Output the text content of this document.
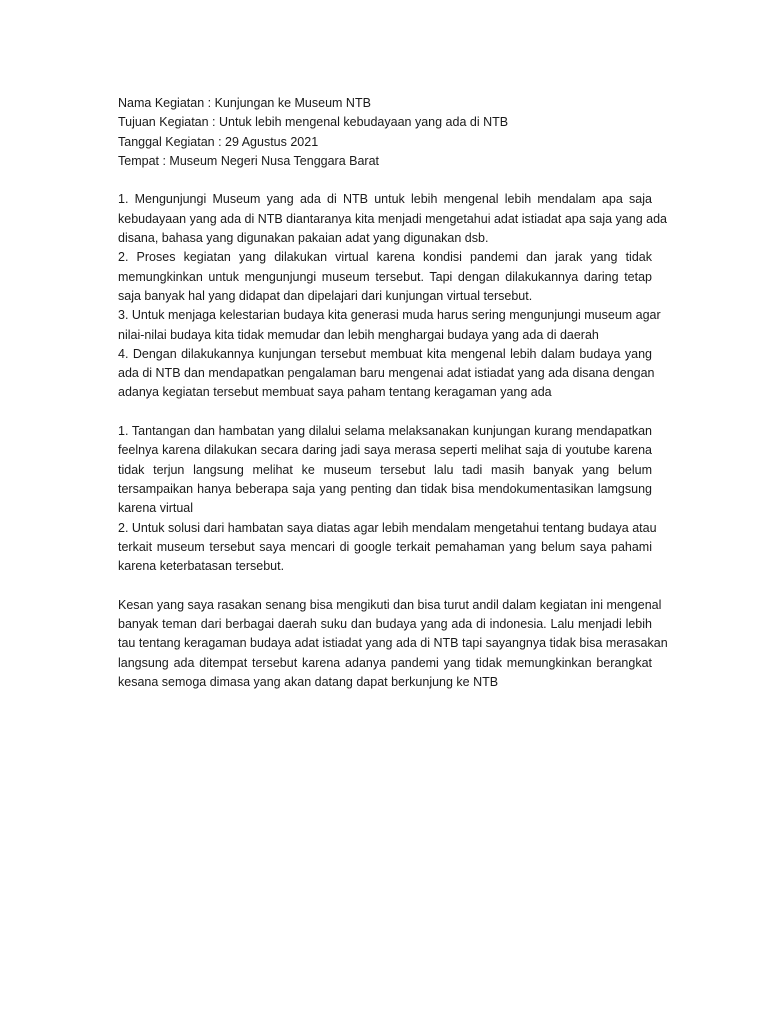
Nama Kegiatan : Kunjungan ke Museum NTB
Tujuan Kegiatan : Untuk lebih mengenal kebudayaan yang ada di NTB
Tanggal Kegiatan : 29 Agustus 2021
Tempat : Museum Negeri Nusa Tenggara Barat
1. Mengunjungi Museum yang ada di NTB untuk lebih mengenal lebih mendalam apa saja
kebudayaan yang ada di NTB diantaranya kita menjadi mengetahui adat istiadat apa saja yang ada
disana, bahasa yang digunakan pakaian adat yang digunakan dsb.
2. Proses kegiatan yang dilakukan virtual karena kondisi pandemi dan jarak yang tidak
memungkinkan untuk mengunjungi museum tersebut. Tapi dengan dilakukannya daring tetap
saja banyak hal yang didapat dan dipelajari dari kunjungan virtual tersebut.
3. Untuk menjaga kelestarian budaya kita generasi muda harus sering mengunjungi museum agar
nilai-nilai budaya kita tidak memudar dan lebih menghargai budaya yang ada di daerah
4. Dengan dilakukannya kunjungan tersebut membuat kita mengenal lebih dalam budaya yang
ada di NTB dan mendapatkan pengalaman baru mengenai adat istiadat yang ada disana dengan
adanya kegiatan tersebut membuat saya paham tentang keragaman yang ada
1. Tantangan dan hambatan yang dilalui selama melaksanakan kunjungan kurang mendapatkan
feelnya karena dilakukan secara daring jadi saya merasa seperti melihat saja di youtube karena
tidak terjun langsung melihat ke museum tersebut lalu tadi masih banyak yang belum
tersampaikan hanya beberapa saja yang penting dan tidak bisa mendokumentasikan lamgsung
karena virtual
2. Untuk solusi dari hambatan saya diatas agar lebih mendalam mengetahui tentang budaya atau
terkait museum tersebut saya mencari di google terkait pemahaman yang belum saya pahami
karena keterbatasan tersebut.
Kesan yang saya rasakan senang bisa mengikuti dan bisa turut andil dalam kegiatan ini mengenal
banyak teman dari berbagai daerah suku dan budaya yang ada di indonesia. Lalu menjadi lebih
tau tentang keragaman budaya adat istiadat yang ada di NTB tapi sayangnya tidak bisa merasakan
langsung ada ditempat tersebut karena adanya pandemi yang tidak memungkinkan berangkat
kesana semoga dimasa yang akan datang dapat berkunjung ke NTB
